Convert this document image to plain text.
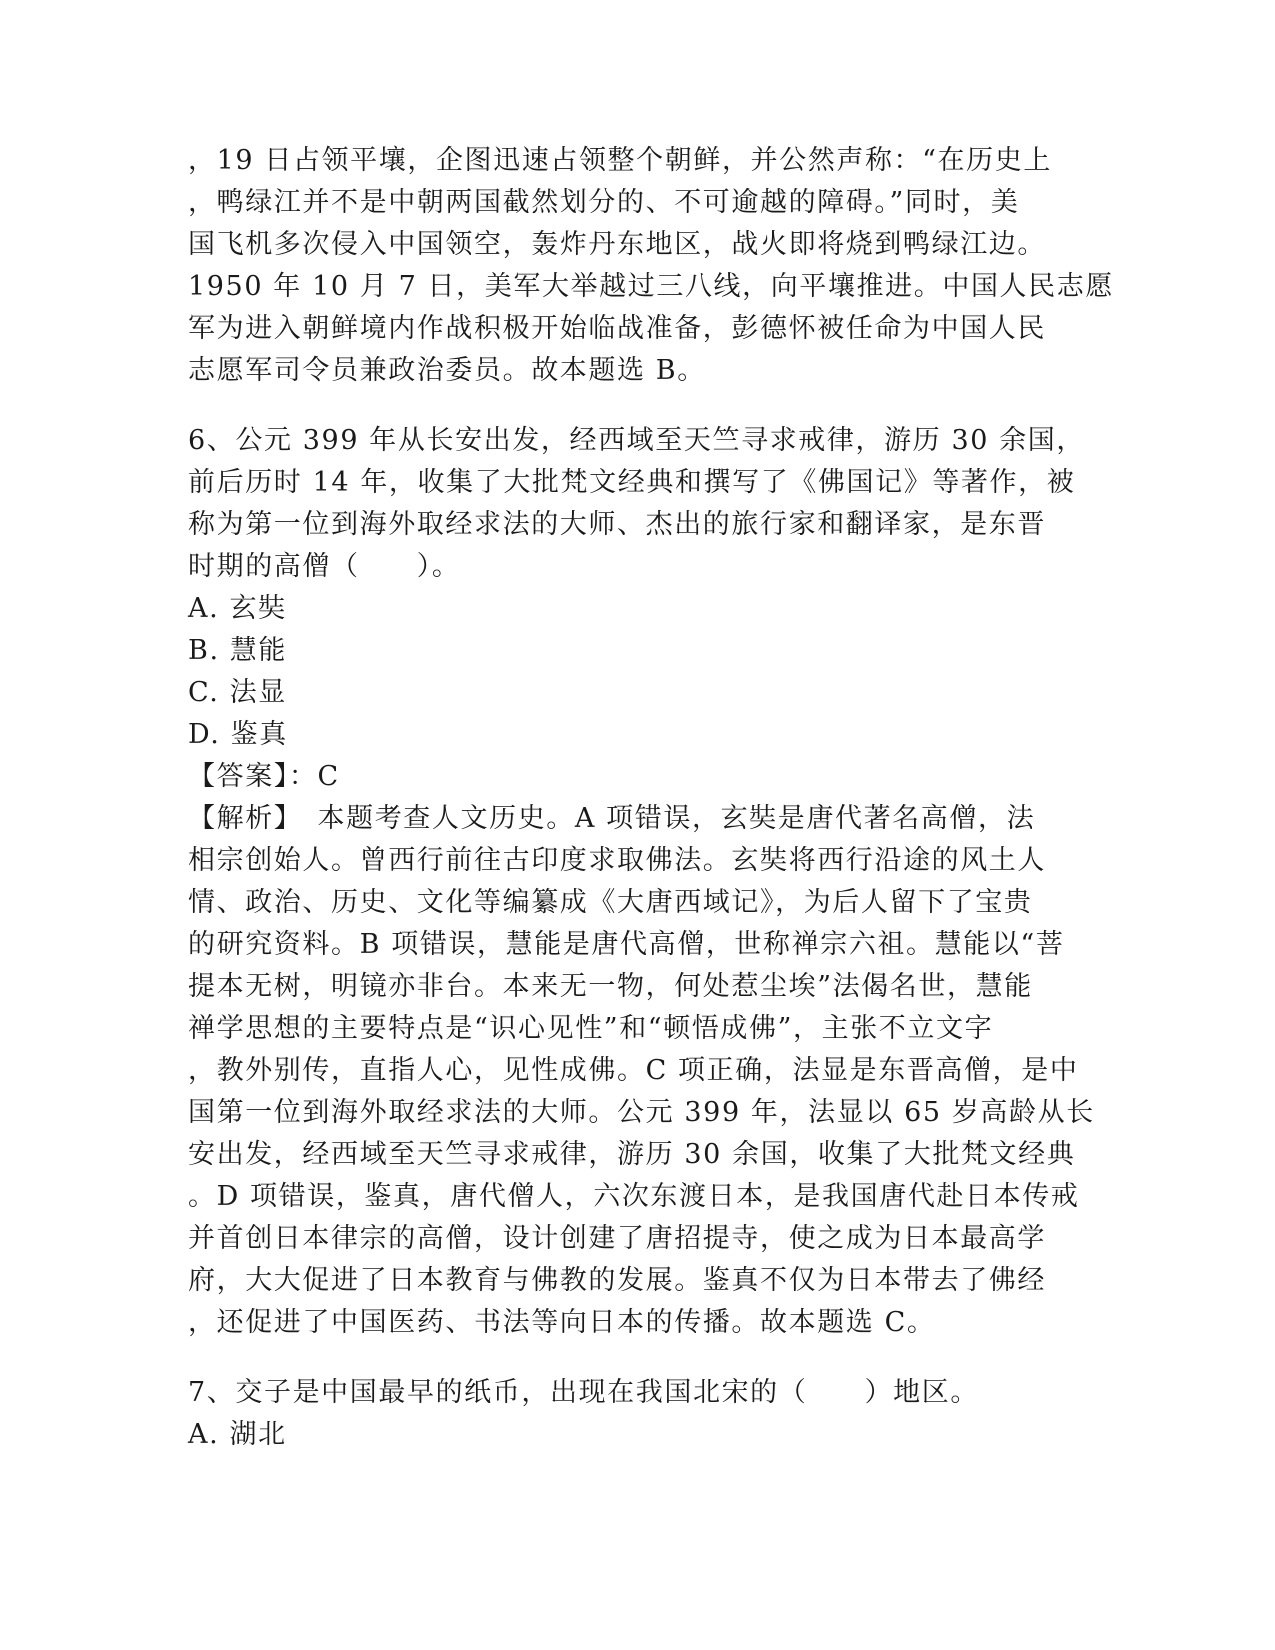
，19 日占领平壤，企图迅速占领整个朝鲜，并公然声称：“在历史上
，鸭绿江并不是中朝两国截然划分的、不可逾越的障碍。”同时，美
国飞机多次侵入中国领空，轰炸丹东地区，战火即将烧到鸭绿江边。
1950 年 10 月 7 日，美军大举越过三八线，向平壤推进。中国人民志愿
军为进入朝鲜境内作战积极开始临战准备，彭德怀被任命为中国人民
志愿军司令员兼政治委员。故本题选 B。
6、公元 399 年从长安出发，经西域至天竺寻求戒律，游历 30 余国，
前后历时 14 年，收集了大批梵文经典和撰写了《佛国记》等著作，被
称为第一位到海外取经求法的大师、杰出的旅行家和翻译家，是东晋
时期的高僧（　　）。
A. 玄奘
B. 慧能
C. 法显
D. 鉴真
【答案】：C
【解析】　本题考查人文历史。A 项错误，玄奘是唐代著名高僧，法
相宗创始人。曾西行前往古印度求取佛法。玄奘将西行沿途的风土人
情、政治、历史、文化等编纂成《大唐西域记》，为后人留下了宝贵
的研究资料。B 项错误，慧能是唐代高僧，世称禅宗六祖。慧能以“菩
提本无树，明镜亦非台。本来无一物，何处惹尘埃”法偈名世，慧能
禅学思想的主要特点是“识心见性”和“顿悟成佛”，主张不立文字
，教外别传，直指人心，见性成佛。C 项正确，法显是东晋高僧，是中
国第一位到海外取经求法的大师。公元 399 年，法显以 65 岁高龄从长
安出发，经西域至天竺寻求戒律，游历 30 余国，收集了大批梵文经典
。D 项错误，鉴真，唐代僧人，六次东渡日本，是我国唐代赴日本传戒
并首创日本律宗的高僧，设计创建了唐招提寺，使之成为日本最高学
府，大大促进了日本教育与佛教的发展。鉴真不仅为日本带去了佛经
，还促进了中国医药、书法等向日本的传播。故本题选 C。
7、交子是中国最早的纸币，出现在我国北宋的（　　）地区。
A. 湖北
